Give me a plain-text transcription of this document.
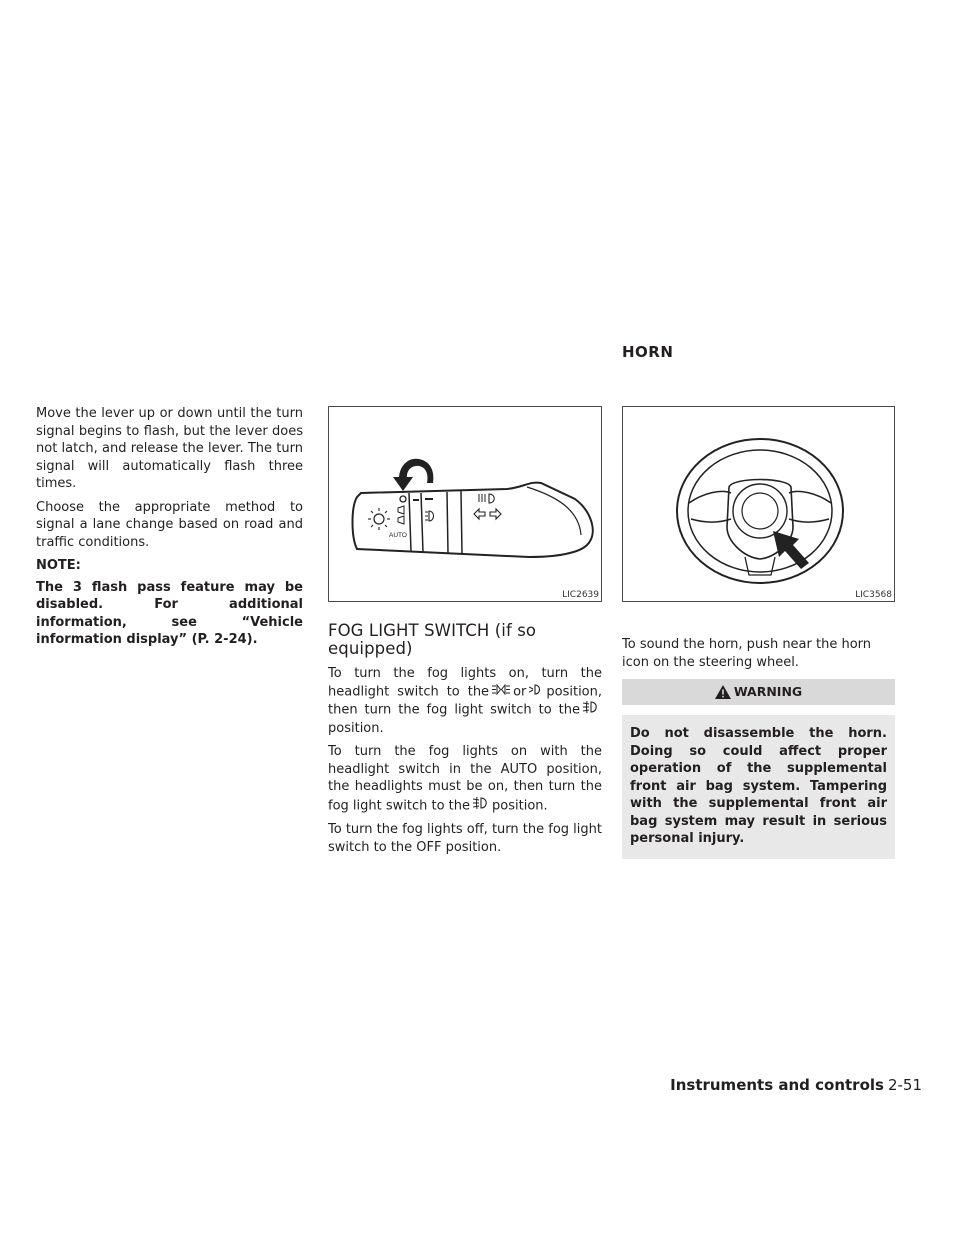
Move the lever up or down until the turn signal begins to flash, but the lever does not latch, and release the lever. The turn signal will automatically flash three times.

Choose the appropriate method to signal a lane change based on road and traffic conditions.

NOTE:

The 3 flash pass feature may be disabled. For additional information, see “Vehicle information display” (P. 2-24).

HORN
AUTO
LIC2639	LIC3568
FOG LIGHT SWITCH (if so equipped)

To turn the fog lights on, turn the headlight switch to the or position, then turn the fog light switch to theposition.

To turn the fog lights on with the headlight switch in the AUTO position, the headlights must be on, then turn the fog light switch to the position.

To turn the fog lights off, turn the fog light switch to the OFF position.

To sound the horn, push near the horn icon on the steering wheel.

WARNING
Do not disassemble the horn. Doing so could affect proper operation of the supplemental front air bag system. Tampering with the supplemental front air bag system may result in serious personal injury.
Instruments and controls 2-51
